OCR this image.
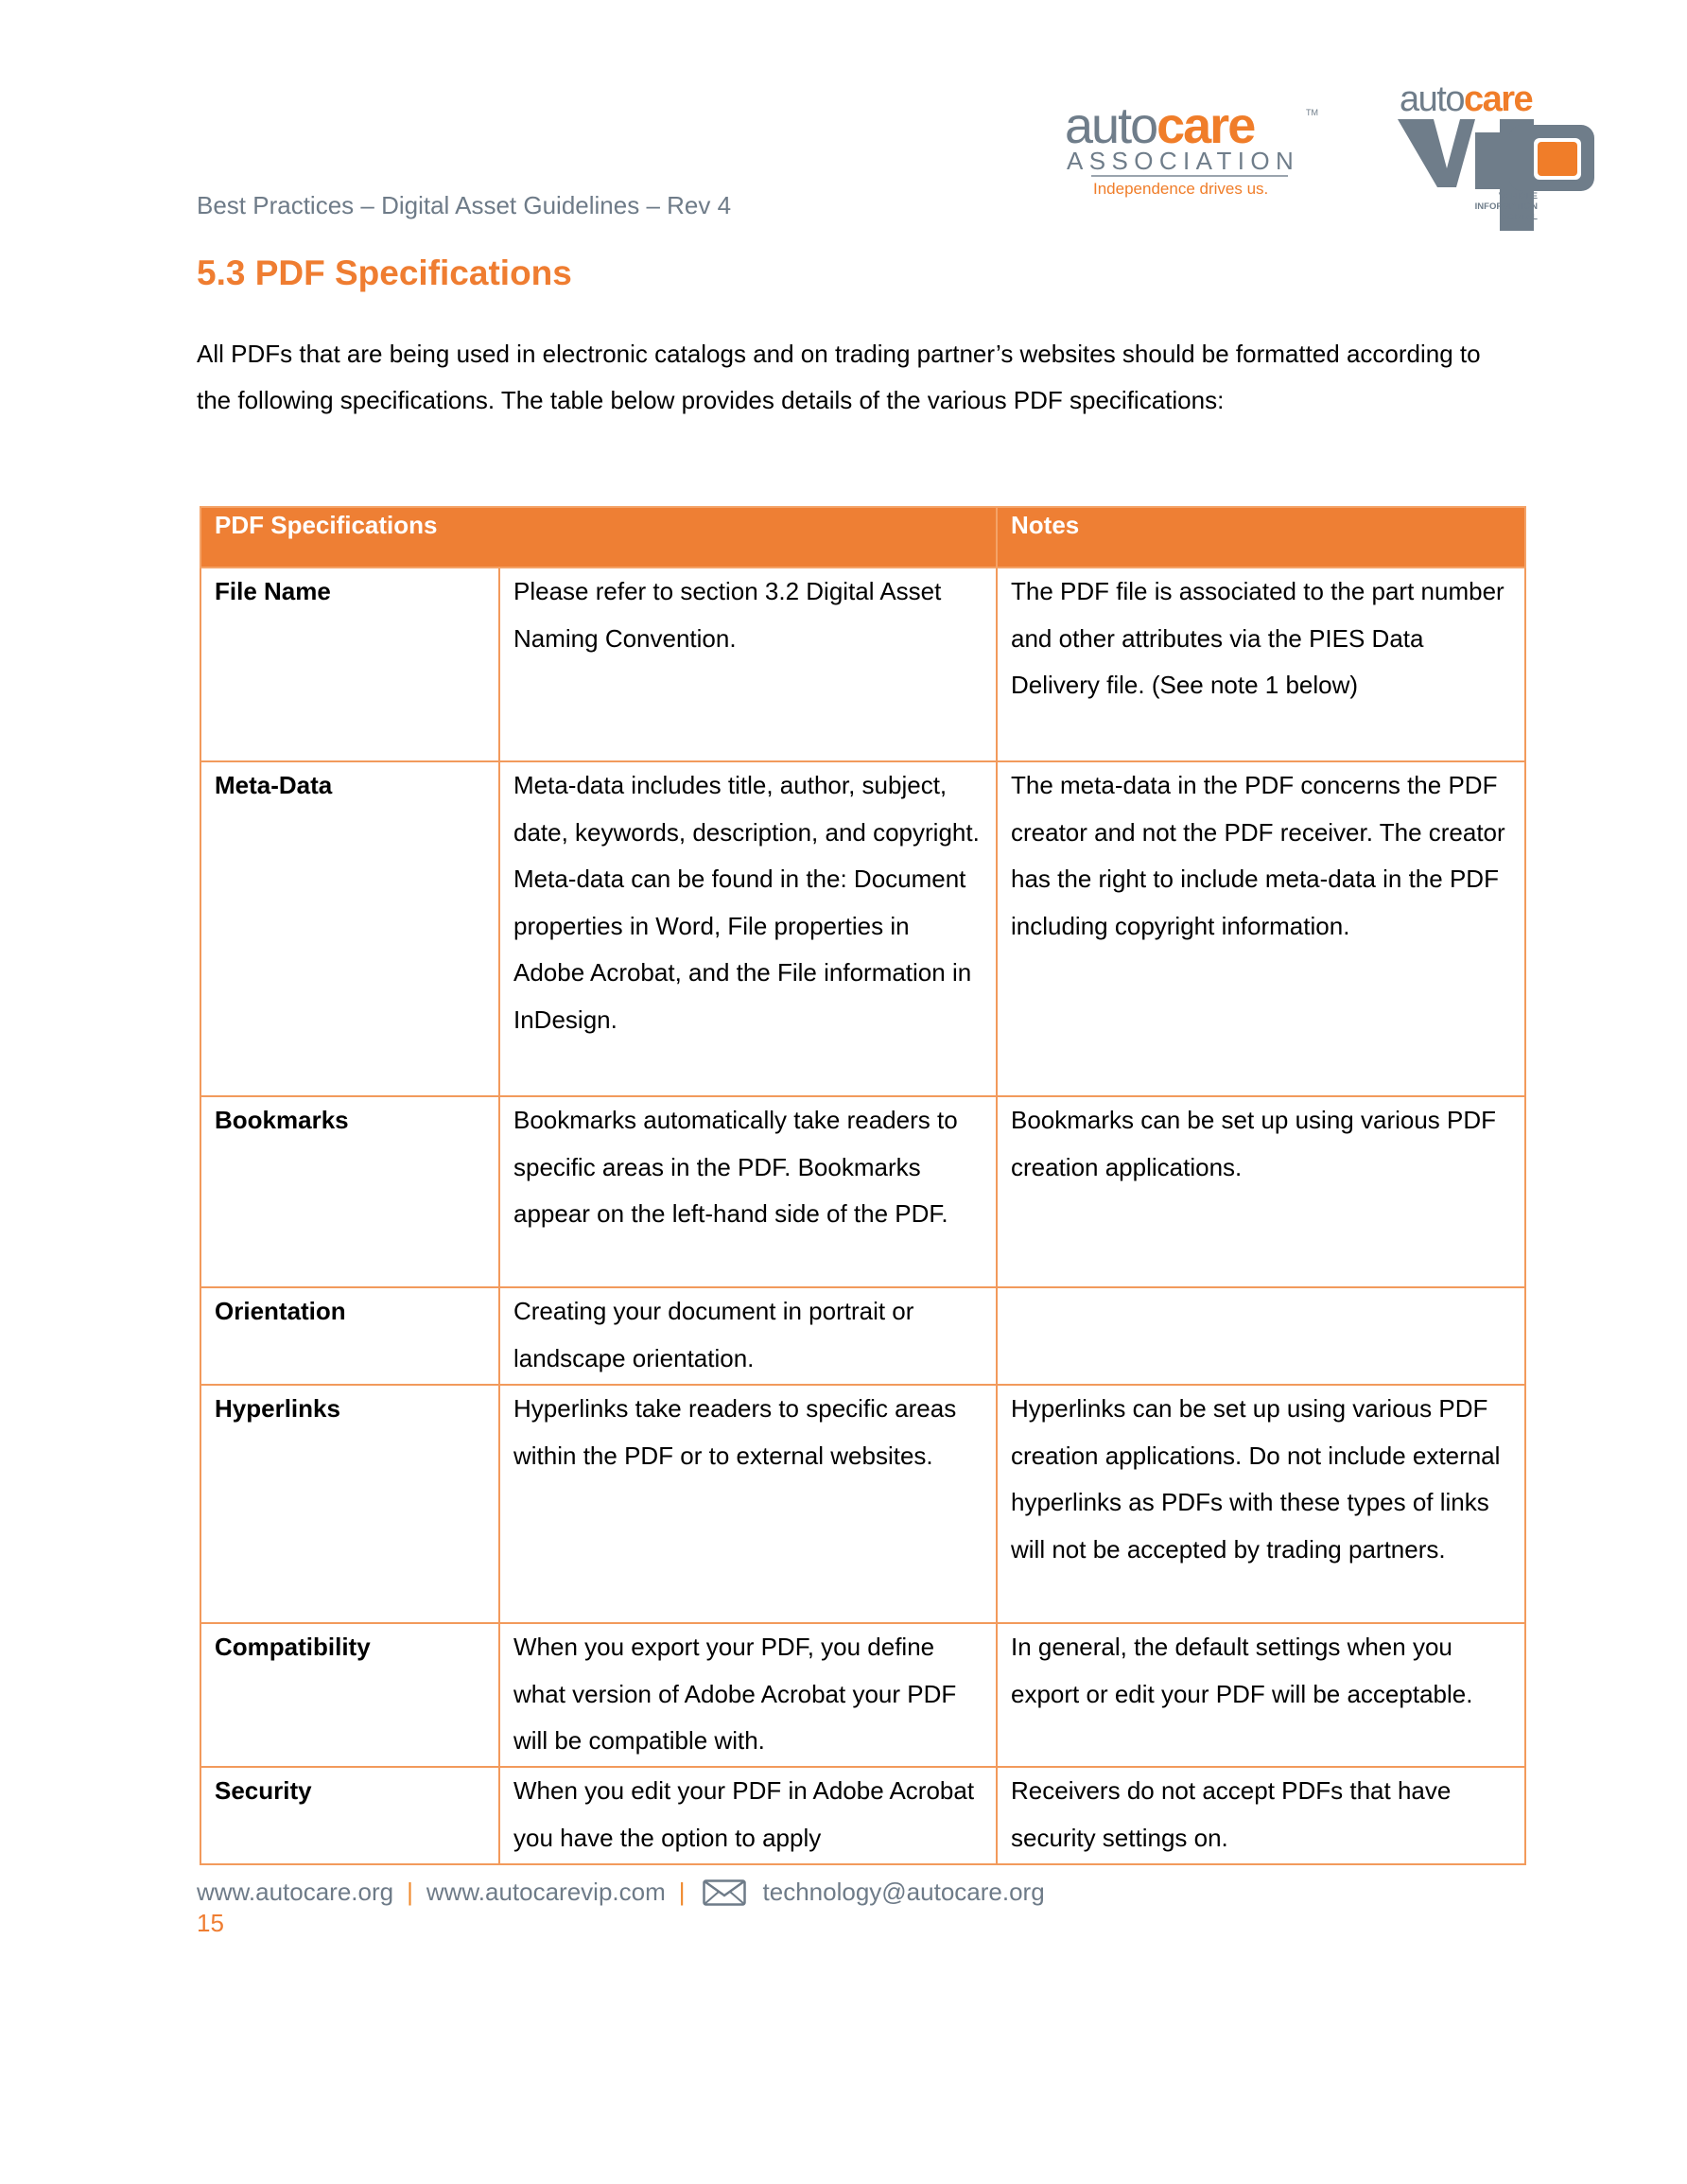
Best Practices – Digital Asset Guidelines – Rev 4
autocare	TM
ASSOCIATION
Independence drives us.
autocare
VEHICLE
INFORMATION
PORTAL
5.3 PDF Specifications

All PDFs that are being used in electronic catalogs and on trading partner’s websites should be formatted according to the following specifications. The table below provides details of the various PDF specifications:

PDF Specifications		Notes
File Name	Please refer to section 3.2 Digital Asset Naming Convention.	The PDF file is associated to the part number and other attributes via the PIES Data Delivery file. (See note 1 below)
Meta-Data	Meta-data includes title, author, subject, date, keywords, description, and copyright. Meta-data can be found in the: Document properties in Word, File properties in Adobe Acrobat, and the File information in InDesign.	The meta-data in the PDF concerns the PDF creator and not the PDF receiver. The creator has the right to include meta-data in the PDF including copyright information.
Bookmarks	Bookmarks automatically take readers to specific areas in the PDF. Bookmarks appear on the left-hand side of the PDF.	Bookmarks can be set up using various PDF creation applications.
Orientation	Creating your document in portrait or landscape orientation.	
Hyperlinks	Hyperlinks take readers to specific areas within the PDF or to external websites.	Hyperlinks can be set up using various PDF creation applications. Do not include external hyperlinks as PDFs with these types of links will not be accepted by trading partners.
Compatibility	When you export your PDF, you define what version of Adobe Acrobat your PDF will be compatible with.	In general, the default settings when you export or edit your PDF will be acceptable.
Security	When you edit your PDF in Adobe Acrobat you have the option to apply	Receivers do not accept PDFs that have security settings on.
www.autocare.org | www.autocarevip.com |	technology@autocare.org
15
